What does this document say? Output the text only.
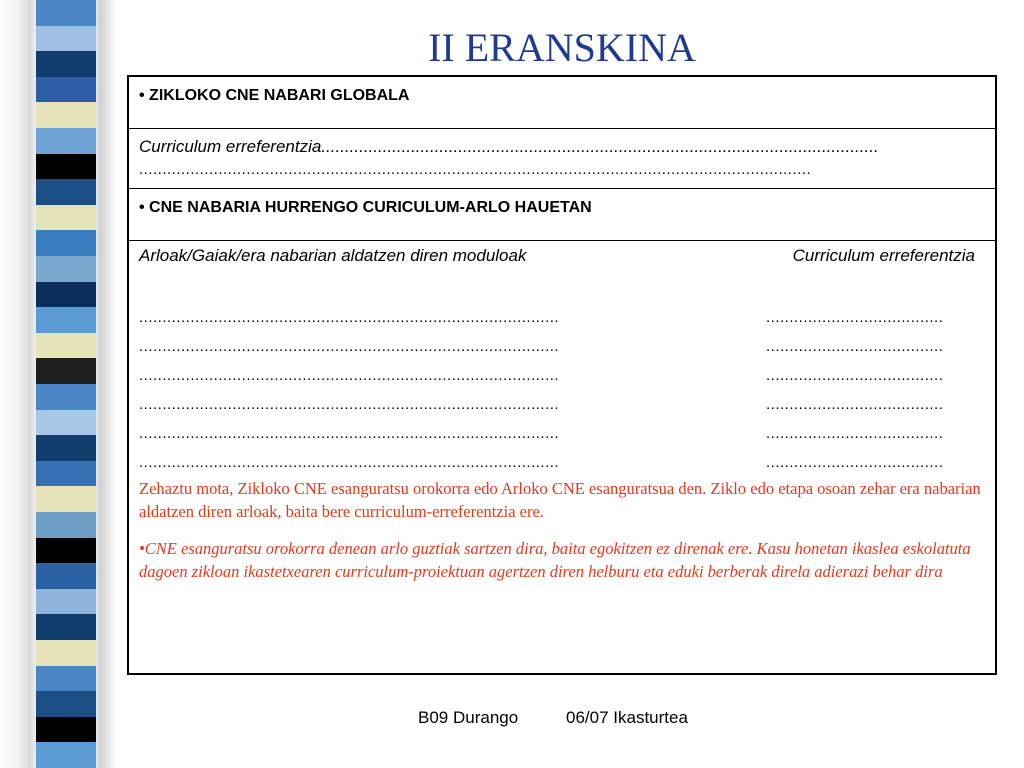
II ERANSKINA
• ZIKLOKO CNE NABARI GLOBALA
Curriculum erreferentzia......................................................................................................................
................................................................................................................................................
• CNE NABARIA HURRENGO CURICULUM-ARLO HAUETAN
Arloak/Gaiak/era nabarian aldatzen diren moduloak	Curriculum erreferentzia
..........................................................................................	......................................
..........................................................................................	......................................
..........................................................................................	......................................
..........................................................................................	......................................
..........................................................................................	......................................
..........................................................................................	......................................
Zehaztu mota, Zikloko CNE esanguratsu orokorra edo Arloko CNE esanguratsua den. Ziklo edo etapa osoan zehar era nabarian aldatzen diren arloak, baita bere curriculum-erreferentzia ere.
•CNE esanguratsu orokorra denean arlo guztiak sartzen dira, baita egokitzen ez direnak ere. Kasu honetan ikaslea eskolatuta dagoen zikloan ikastetxearen curriculum-proiektuan agertzen diren helburu eta eduki berberak direla adierazi behar dira
B09 Durango	06/07 Ikasturtea
